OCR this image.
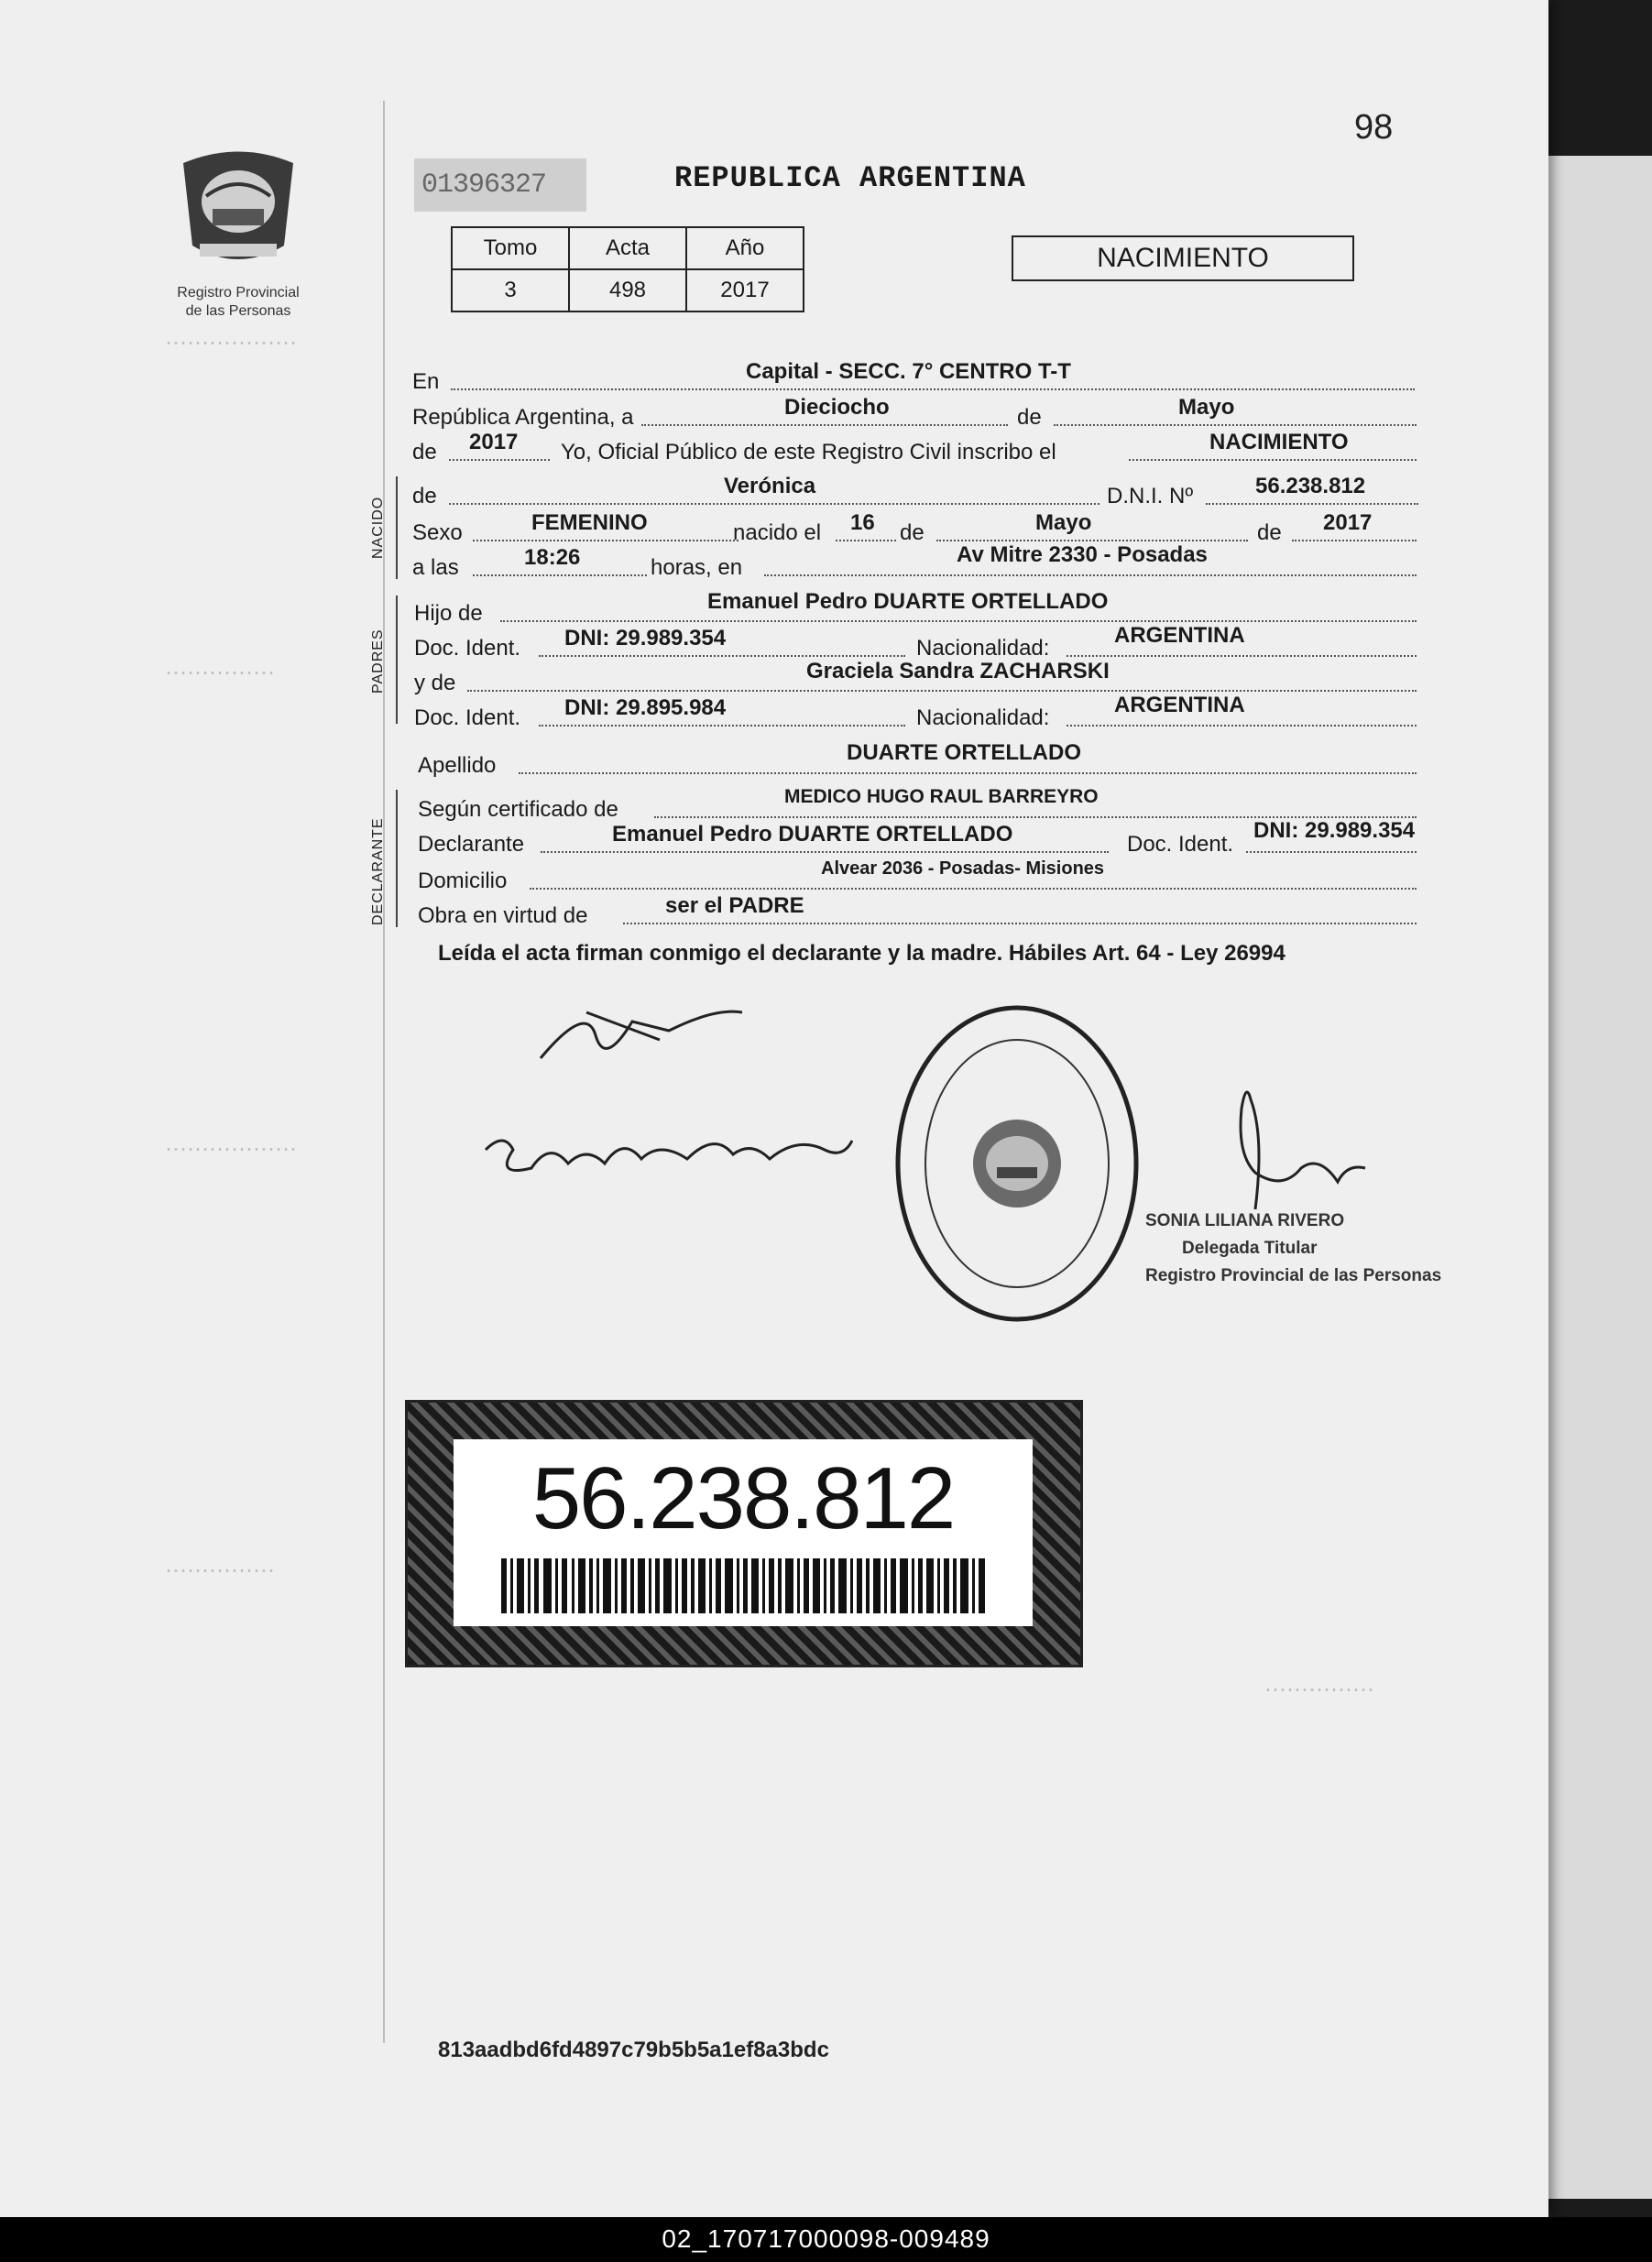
⋯⋯⋯⋯⋯⋯
⋯⋯⋯⋯⋯
⋯⋯⋯⋯⋯⋯
⋯⋯⋯⋯⋯
⋯⋯⋯⋯⋯
98
Registro Provincial
de las Personas
01396327	REPUBLICA ARGENTINA
Tomo	Acta	Año
3	498	2017
NACIMIENTO
NACIDO
PADRES
DECLARANTE
En	Capital - SECC. 7° CENTRO T-T
República Argentina, a	Dieciocho	de	Mayo
de 2017 Yo, Oficial Público de este Registro Civil inscribo el	NACIMIENTO
de	Verónica	D.N.I. Nº	56.238.812
Sexo	FEMENINO	nacido el 16 de	Mayo	de 2017
a las	18:26	horas, en
Av Mitre 2330 - Posadas
Hijo de	Emanuel Pedro DUARTE ORTELLADO
Doc. Ident. DNI: 29.989.354	Nacionalidad:
ARGENTINA
y de	Graciela Sandra ZACHARSKI
Doc. Ident. DNI: 29.895.984	Nacionalidad:
ARGENTINA
Apellido
DUARTE ORTELLADO
Según certificado de
MEDICO HUGO RAUL BARREYRO
Declarante	Emanuel Pedro DUARTE ORTELLADO	Doc. Ident.
DNI: 29.989.354
Domicilio	Alvear 2036 - Posadas- Misiones
Obra en virtud de	ser el PADRE
Leída el acta firman conmigo el declarante y la madre. Hábiles Art. 64 - Ley 26994
SONIA LILIANA RIVERO
Delegada Titular
Registro Provincial de las Personas
56.238.812
813aadbd6fd4897c79b5b5a1ef8a3bdc
02_170717000098-009489
